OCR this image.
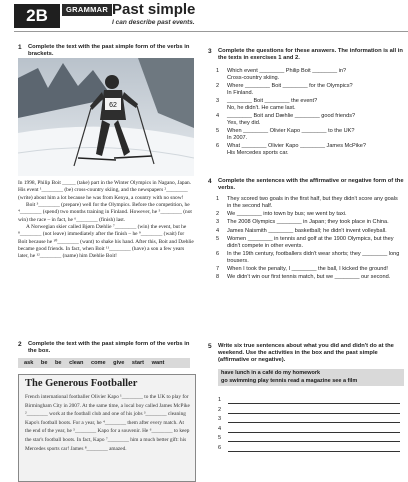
2B	GRAMMAR Past simple
I can describe past events.
1 Complete the text with the past simple form of the verbs in brackets.
62

In 1998, Philip Boit _____ (take) part in the Winter Olympics in Nagano, Japan. His event ¹________ (be) cross-country skiing, and the newspapers ²________ (write) about him a lot because he was from Kenya, a country with no snow!

Boit ³________ (prepare) well for the Olympics. Before the competition, he ⁴________ (spend) two months training in Finland. However, he ⁵________ (not win) the race – in fact, he ⁶________ (finish) last.

A Norwegian skier called Bjørn Dæhlie ⁷________ (win) the event, but he ⁸________ (not leave) immediately after the finish – he ⁹________ (wait) for Boit because he ¹⁰________ (want) to shake his hand. After this, Boit and Dæhlie became good friends. In fact, when Boit ¹¹________ (have) a son a few years later, he ¹²________ (name) him Dæhlie Boit!

2 Complete the text with the past simple form of the verbs in the box.
ask be be clean come give start want
The Generous Footballer
French international footballer Olivier Kapo ¹________ to the UK to play for Birmingham City in 2007. At the same time, a local boy called James McPike ²________ work at the football club and one of his jobs ³________ cleaning Kapo's football boots. For a year, he ⁴________ them after every match. At the end of the year, he ⁵________ Kapo for a souvenir. He ⁶________ to keep the star's football boots. In fact, Kapo ⁷________ him a much better gift: his Mercedes sports car! James ⁸________ amazed.
3 Complete the questions for these answers. The information is all in the texts in exercises 1 and 2.
1 Which event ________ Philip Boit ________ in?
Cross-country skiing.
2 Where ________ Boit ________ for the Olympics?
In Finland.
3 ________ Boit ________ the event?
No, he didn't. He came last.
4 ________ Boit and Dæhlie ________ good friends?
Yes, they did.
5 When ________ Olivier Kapo ________ to the UK?
In 2007.
6 What ________ Olivier Kapo ________ James McPike?
His Mercedes sports car.
4 Complete the sentences with the affirmative or negative form of the verbs.
1 They scored two goals in the first half, but they didn't score any goals in the second half.
2 We ________ into town by bus; we went by taxi.
3 The 2008 Olympics ________ in Japan; they took place in China.
4 James Naismith ________ basketball; he didn't invent volleyball.
5 Women ________ in tennis and golf at the 1900 Olympics, but they didn't compete in other events.
6 In the 19th century, footballers didn't wear shorts; they ________ long trousers.
7 When I took the penalty, I ________ the ball, I kicked the ground!
8 We didn't win our first tennis match, but we ________ our second.
5 Write six true sentences about what you did and didn't do at the weekend. Use the activities in the box and the past simple (affirmative or negative).
have lunch in a café do my homework
go swimming play tennis read a magazine see a film
1
2
3
4
5
6
